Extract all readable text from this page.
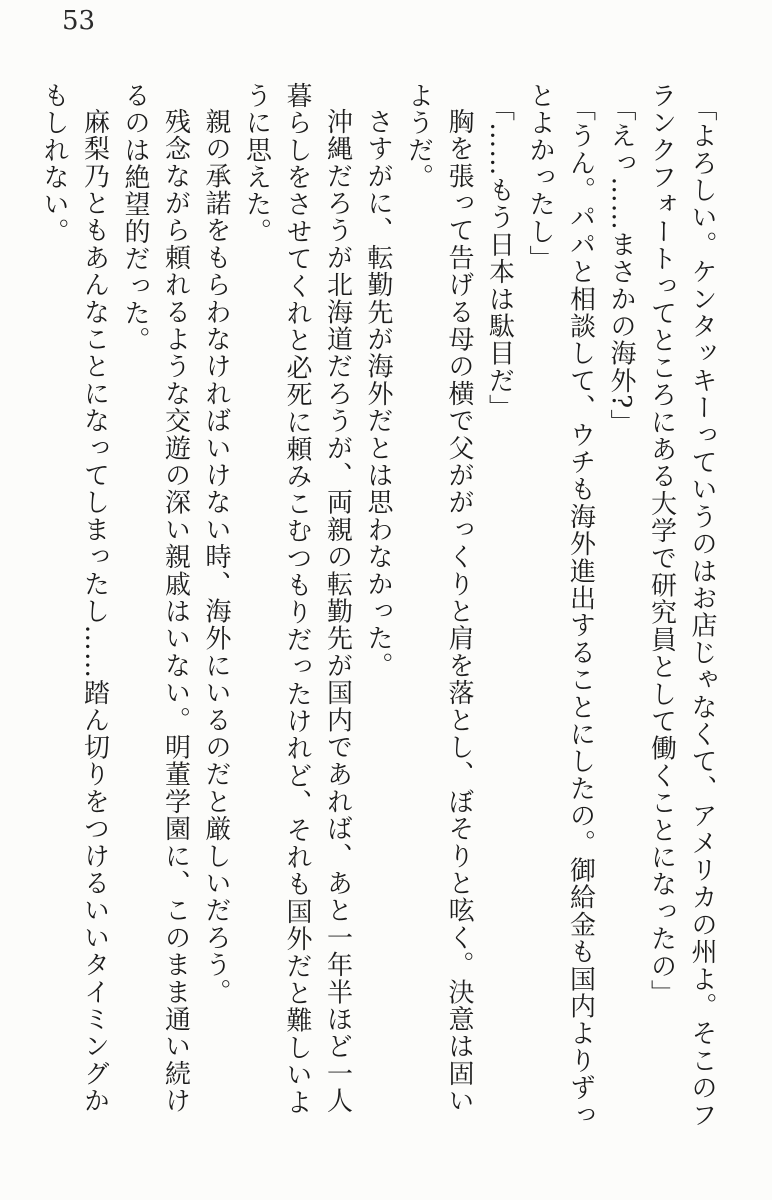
53

「よろしい。ケンタッキーっていうのはお店じゃなくて、アメリカの州よ。そこのフランクフォートってところにある大学で研究員として働くことになったの」

「えっ……まさかの海外?」

「うん。パパと相談して、ウチも海外進出することにしたの。御給金も国内よりずっとよかったし」

「……もう日本は駄目だ」

胸を張って告げる母の横で父ががっくりと肩を落とし、ぼそりと呟く。決意は固いようだ。

さすがに、転勤先が海外だとは思わなかった。

沖縄だろうが北海道だろうが、両親の転勤先が国内であれば、あと一年半ほど一人暮らしをさせてくれと必死に頼みこむつもりだったけれど、それも国外だと難しいように思えた。

親の承諾をもらわなければいけない時、海外にいるのだと厳しいだろう。

残念ながら頼れるような交遊の深い親戚はいない。明董学園に、このまま通い続けるのは絶望的だった。

麻梨乃ともあんなことになってしまったし……踏ん切りをつけるいいタイミングかもしれない。
